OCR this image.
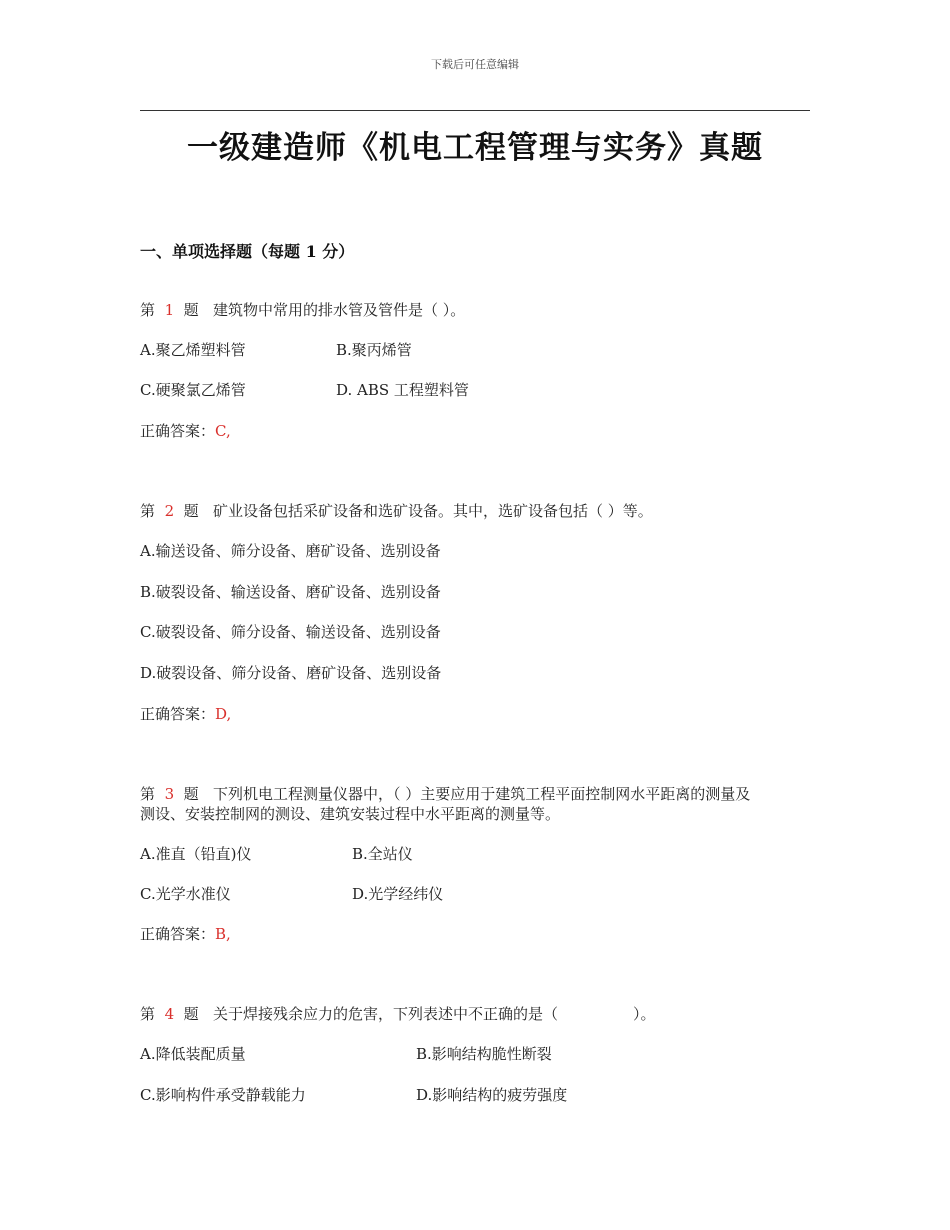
下载后可任意编辑
一级建造师《机电工程管理与实务》真题
一、单项选择题（每题 1 分）
第 1 题 建筑物中常用的排水管及管件是（ ）。
A.聚乙烯塑料管	B.聚丙烯管
C.硬聚氯乙烯管	D. ABS 工程塑料管
正确答案：C,
第 2 题 矿业设备包括采矿设备和选矿设备。其中，选矿设备包括（ ）等。
A.输送设备、筛分设备、磨矿设备、选别设备
B.破裂设备、输送设备、磨矿设备、选别设备
C.破裂设备、筛分设备、输送设备、选别设备
D.破裂设备、筛分设备、磨矿设备、选别设备
正确答案：D,
第 3 题 下列机电工程测量仪器中，（ ）主要应用于建筑工程平面控制网水平距离的测量及
测设、安装控制网的测设、建筑安装过程中水平距离的测量等。
A.准直（铅直)仪	B.全站仪
C.光学水准仪	D.光学经纬仪
正确答案：B,
第 4 题 关于焊接残余应力的危害，下列表述中不正确的是（　　　　　）。
A.降低装配质量	B.影响结构脆性断裂
C.影响构件承受静载能力	D.影响结构的疲劳强度
